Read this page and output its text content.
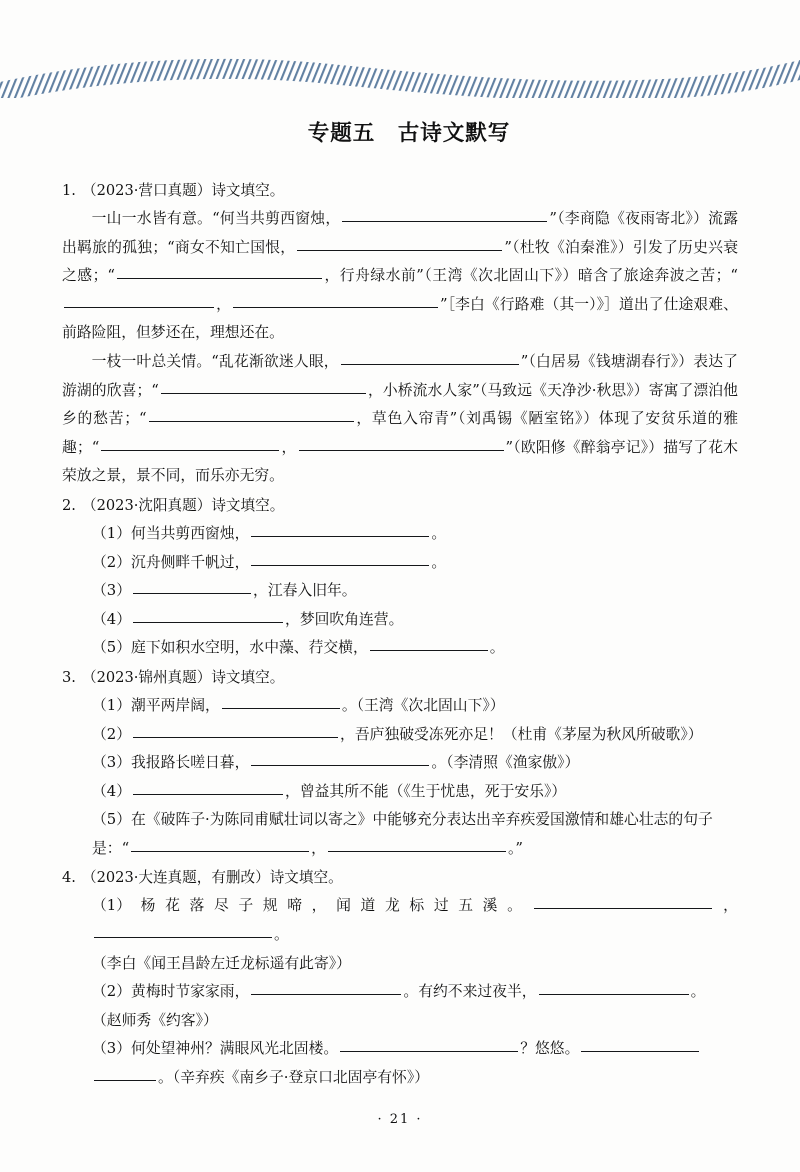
专题五　古诗文默写

1. （2023·营口真题）诗文填空。

一山一水皆有意。“何当共剪西窗烛，	”（李商隐《夜雨寄北》）流露出羁旅的孤独；“商女不知亡国恨，	”（杜牧《泊秦淮》）引发了历史兴衰之感；“	，行舟绿水前”（王湾《次北固山下》）暗含了旅途奔波之苦；“，	”［李白《行路难（其一）》］道出了仕途艰难、前路险阻，但梦还在，理想还在。

一枝一叶总关情。“乱花渐欲迷人眼，	”（白居易《钱塘湖春行》）表达了游湖的欣喜；“	，小桥流水人家”（马致远《天净沙·秋思》）寄寓了漂泊他乡的愁苦；“	，草色入帘青”（刘禹锡《陋室铭》）体现了安贫乐道的雅趣；“	，	”（欧阳修《醉翁亭记》）描写了花木荣放之景，景不同，而乐亦无穷。

2. （2023·沈阳真题）诗文填空。

（1）何当共剪西窗烛，	。

（2）沉舟侧畔千帆过，	。

（3）	，江春入旧年。

（4）	，梦回吹角连营。

（5）庭下如积水空明，水中藻、荇交横，	。

3. （2023·锦州真题）诗文填空。

（1）潮平两岸阔，	。（王湾《次北固山下》）

（2）	，吾庐独破受冻死亦足！（杜甫《茅屋为秋风所破歌》）

（3）我报路长嗟日暮，	。（李清照《渔家傲》）

（4）	，曾益其所不能（《生于忧患，死于安乐》）

（5）在《破阵子·为陈同甫赋壮词以寄之》中能够充分表达出辛弃疾爱国激情和雄心壮志的句子
是：“	，	。”

4. （2023·大连真题，有删改）诗文填空。

（1）杨花落尽子规啼，闻道龙标过五溪。	，。
（李白《闻王昌龄左迁龙标遥有此寄》）

（2）黄梅时节家家雨，	。有约不来过夜半，	。
（赵师秀《约客》）

（3）何处望神州？满眼风光北固楼。	？悠悠。
。（辛弃疾《南乡子·登京口北固亭有怀》）

· 21 ·
